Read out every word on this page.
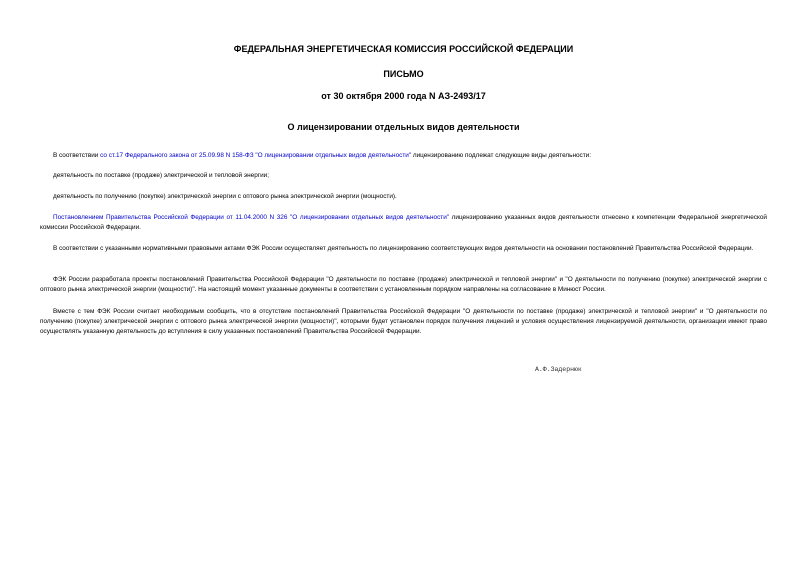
ФЕДЕРАЛЬНАЯ ЭНЕРГЕТИЧЕСКАЯ КОМИССИЯ РОССИЙСКОЙ ФЕДЕРАЦИИ
ПИСЬМО
от 30 октября 2000 года N АЗ-2493/17
О лицензировании отдельных видов деятельности
В соответствии со ст.17 Федерального закона от 25.09.98 N 158-ФЗ "О лицензировании отдельных видов деятельности" лицензированию подлежат следующие виды деятельности:
деятельность по поставке (продаже) электрической и тепловой энергии;
деятельность по получению (покупке) электрической энергии с оптового рынка электрической энергии (мощности).
Постановлением Правительства Российской Федерации от 11.04.2000 N 326 "О лицензировании отдельных видов деятельности" лицензированию указанных видов деятельности отнесено к компетенции Федеральной энергетической комиссии Российской Федерации.
В соответствии с указанными нормативными правовыми актами ФЭК России осуществляет деятельность по лицензированию соответствующих видов деятельности на основании постановлений Правительства Российской Федерации.
ФЭК России разработала проекты постановлений Правительства Российской Федерации "О деятельности по поставке (продаже) электрической и тепловой энергии" и "О деятельности по получению (покупке) электрической энергии с оптового рынка электрической энергии (мощности)". На настоящий момент указанные документы в соответствии с установленным порядком направлены на согласование в Минюст России.
Вместе с тем ФЭК России считает необходимым сообщить, что в отсутствие постановлений Правительства Российской Федерации "О деятельности по поставке (продаже) электрической и тепловой энергии" и "О деятельности по получению (покупке) электрической энергии с оптового рынка электрической энергии (мощности)", которыми будет установлен порядок получения лицензий и условия осуществления лицензируемой деятельности, организации имеют право осуществлять указанную деятельность до вступления в силу указанных постановлений Правительства Российской Федерации.
А.Ф.Задернюк
